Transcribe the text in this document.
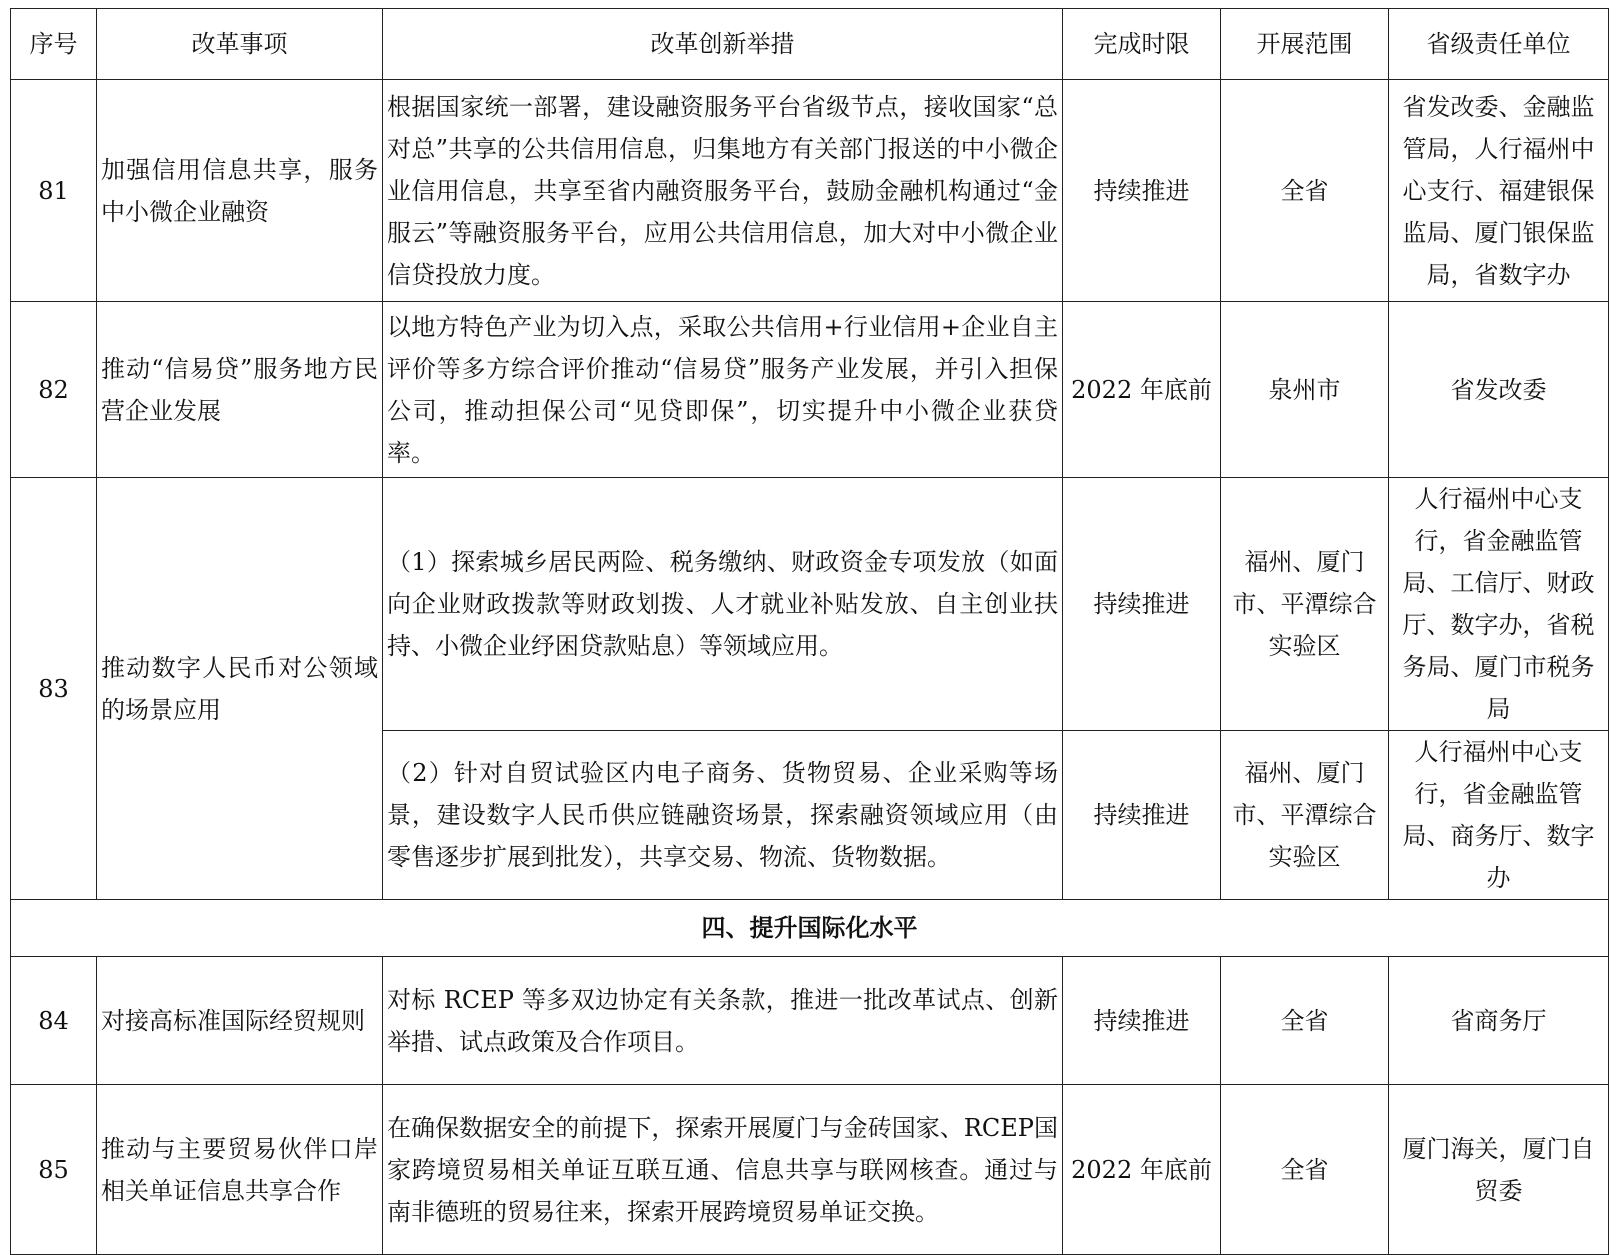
序号	改革事项	改革创新举措	完成时限	开展范围	省级责任单位
81	加强信用信息共享，服务中小微企业融资	根据国家统一部署，建设融资服务平台省级节点，接收国家“总对总”共享的公共信用信息，归集地方有关部门报送的中小微企业信用信息，共享至省内融资服务平台，鼓励金融机构通过“金服云”等融资服务平台，应用公共信用信息，加大对中小微企业信贷投放力度。	持续推进	全省	省发改委、金融监管局，人行福州中心支行、福建银保监局、厦门银保监局，省数字办
82	推动“信易贷”服务地方民营企业发展	以地方特色产业为切入点，采取公共信用+行业信用+企业自主评价等多方综合评价推动“信易贷”服务产业发展，并引入担保公司，推动担保公司“见贷即保”，切实提升中小微企业获贷率。	2022 年底前	泉州市	省发改委
83	推动数字人民币对公领域的场景应用	（1）探索城乡居民两险、税务缴纳、财政资金专项发放（如面向企业财政拨款等财政划拨、人才就业补贴发放、自主创业扶持、小微企业纾困贷款贴息）等领域应用。	持续推进	福州、厦门市、平潭综合实验区	人行福州中心支行，省金融监管局、工信厅、财政厅、数字办，省税务局、厦门市税务局
		（2）针对自贸试验区内电子商务、货物贸易、企业采购等场景，建设数字人民币供应链融资场景，探索融资领域应用（由零售逐步扩展到批发），共享交易、物流、货物数据。	持续推进	福州、厦门市、平潭综合实验区	人行福州中心支行，省金融监管局、商务厅、数字办
四、提升国际化水平					
84	对接高标准国际经贸规则	对标 RCEP 等多双边协定有关条款，推进一批改革试点、创新举措、试点政策及合作项目。	持续推进	全省	省商务厅
85	推动与主要贸易伙伴口岸相关单证信息共享合作	在确保数据安全的前提下，探索开展厦门与金砖国家、RCEP国家跨境贸易相关单证互联互通、信息共享与联网核查。通过与南非德班的贸易往来，探索开展跨境贸易单证交换。	2022 年底前	全省	厦门海关，厦门自贸委
